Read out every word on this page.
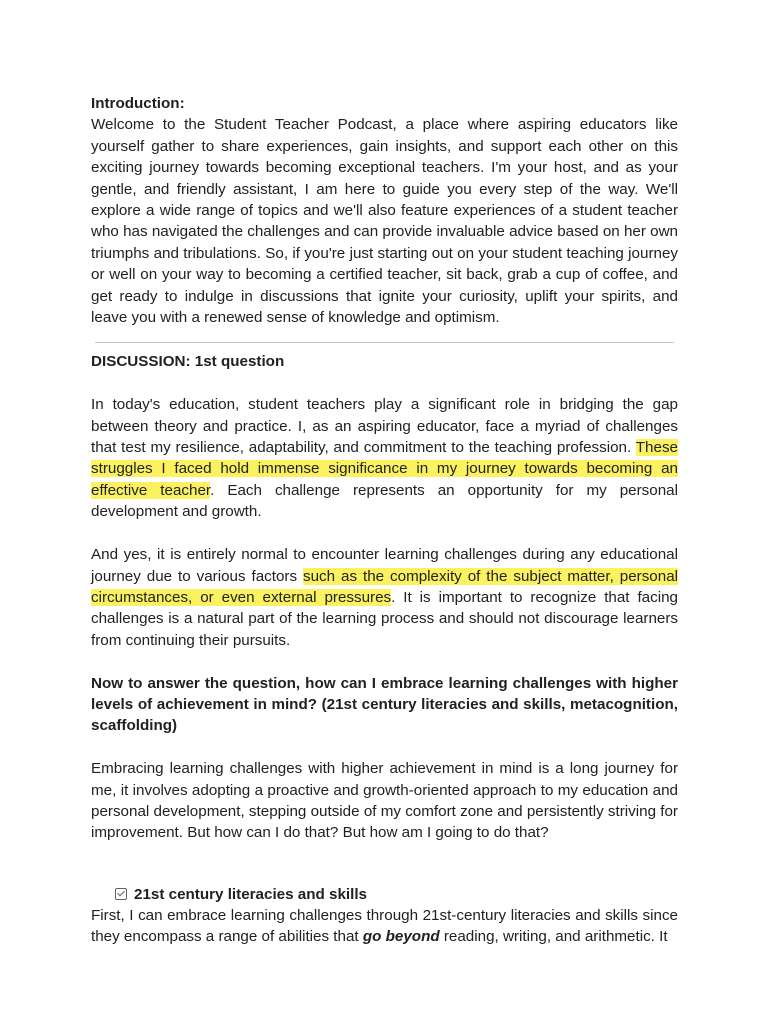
Introduction:

Welcome to the Student Teacher Podcast, a place where aspiring educators like yourself gather to share experiences, gain insights, and support each other on this exciting journey towards becoming exceptional teachers. I'm your host, and as your gentle, and friendly assistant, I am here to guide you every step of the way. We'll explore a wide range of topics and we'll also feature experiences of a student teacher who has navigated the challenges and can provide invaluable advice based on her own triumphs and tribulations. So, if you're just starting out on your student teaching journey or well on your way to becoming a certified teacher, sit back, grab a cup of coffee, and get ready to indulge in discussions that ignite your curiosity, uplift your spirits, and leave you with a renewed sense of knowledge and optimism.

DISCUSSION: 1st question

In today's education, student teachers play a significant role in bridging the gap between theory and practice. I, as an aspiring educator, face a myriad of challenges that test my resilience, adaptability, and commitment to the teaching profession. These struggles I faced hold immense significance in my journey towards becoming an effective teacher. Each challenge represents an opportunity for my personal development and growth.

And yes, it is entirely normal to encounter learning challenges during any educational journey due to various factors such as the complexity of the subject matter, personal circumstances, or even external pressures. It is important to recognize that facing challenges is a natural part of the learning process and should not discourage learners from continuing their pursuits.

Now to answer the question, how can I embrace learning challenges with higher levels of achievement in mind? (21st century literacies and skills, metacognition, scaffolding)

Embracing learning challenges with higher achievement in mind is a long journey for me, it involves adopting a proactive and growth-oriented approach to my education and personal development, stepping outside of my comfort zone and persistently striving for improvement. But how can I do that? But how am I going to do that?

21st century literacies and skills

First, I can embrace learning challenges through 21st-century literacies and skills since they encompass a range of abilities that go beyond reading, writing, and arithmetic. It
